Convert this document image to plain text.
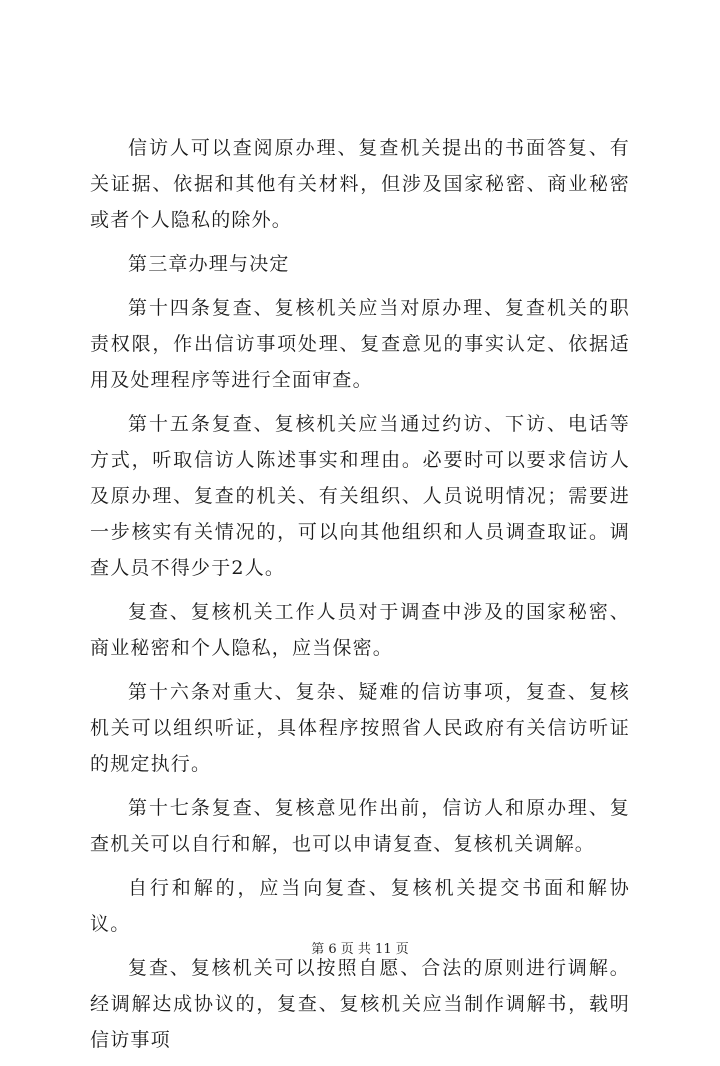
信访人可以查阅原办理、复查机关提出的书面答复、有关证据、依据和其他有关材料，但涉及国家秘密、商业秘密或者个人隐私的除外。

第三章办理与决定

第十四条复查、复核机关应当对原办理、复查机关的职责权限，作出信访事项处理、复查意见的事实认定、依据适用及处理程序等进行全面审查。

第十五条复查、复核机关应当通过约访、下访、电话等方式，听取信访人陈述事实和理由。必要时可以要求信访人及原办理、复查的机关、有关组织、人员说明情况；需要进一步核实有关情况的，可以向其他组织和人员调查取证。调查人员不得少于2人。

复查、复核机关工作人员对于调查中涉及的国家秘密、商业秘密和个人隐私，应当保密。

第十六条对重大、复杂、疑难的信访事项，复查、复核机关可以组织听证，具体程序按照省人民政府有关信访听证的规定执行。

第十七条复查、复核意见作出前，信访人和原办理、复查机关可以自行和解，也可以申请复查、复核机关调解。

自行和解的，应当向复查、复核机关提交书面和解协议。

复查、复核机关可以按照自愿、合法的原则进行调解。经调解达成协议的，复查、复核机关应当制作调解书，载明信访事项

第 6 页 共 11 页
